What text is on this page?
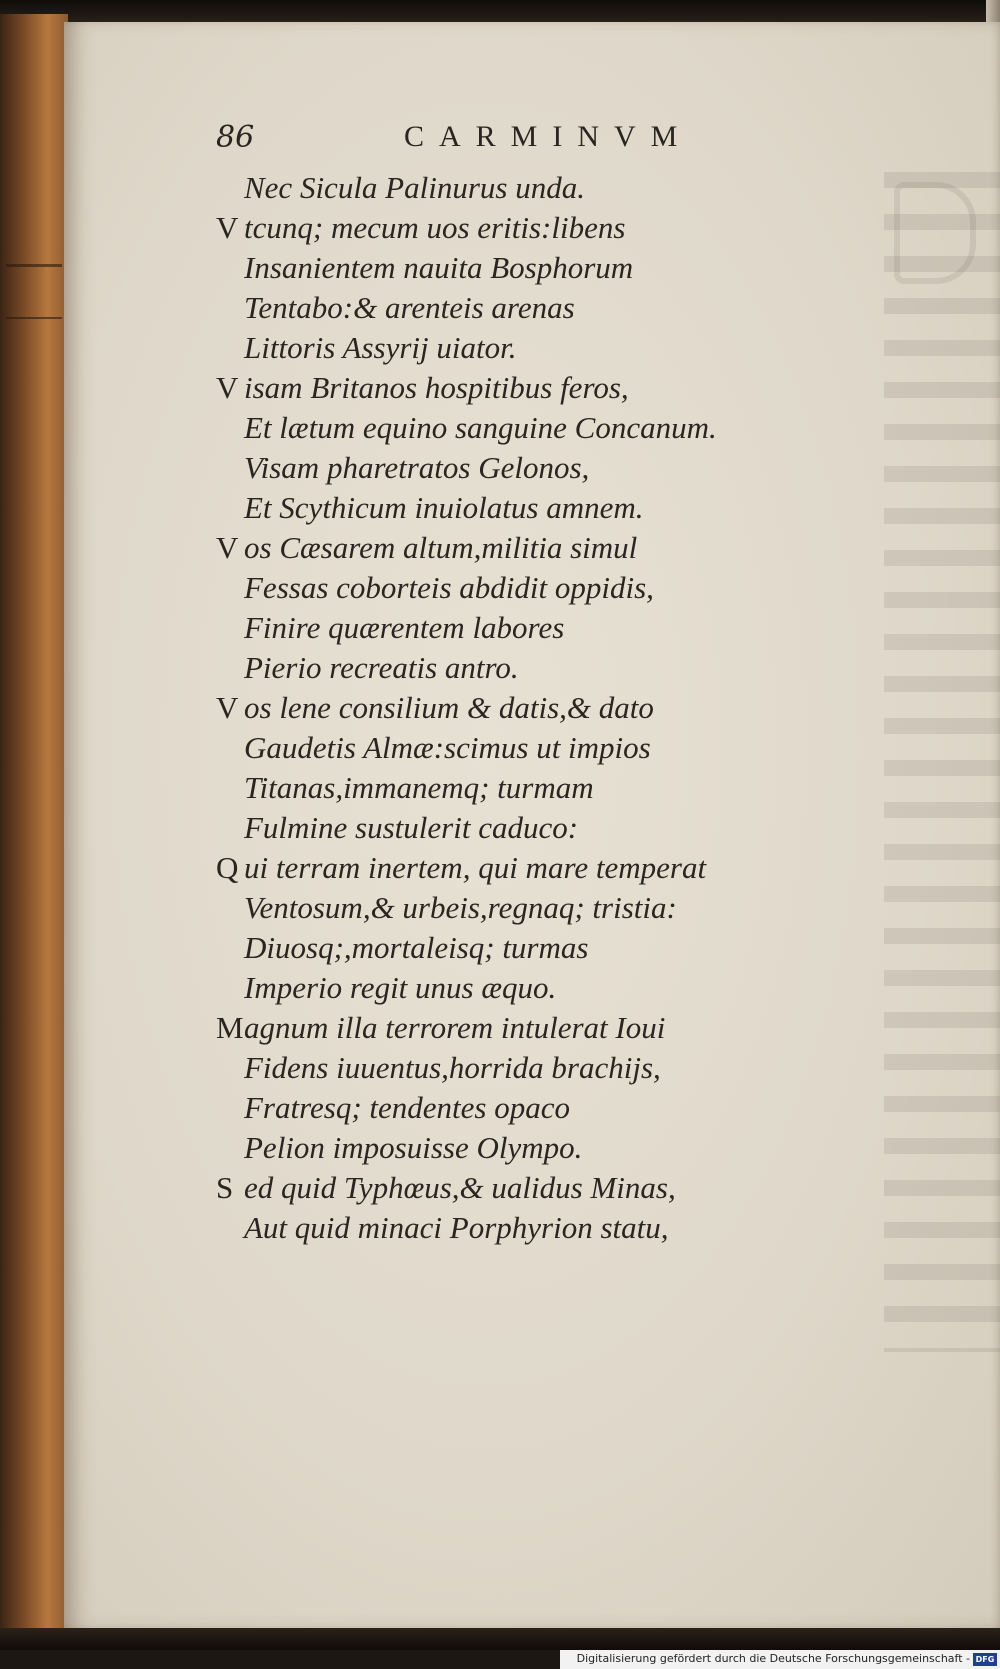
86	CARMINVM
Nec Sicula Palinurus unda.
V tcunq; mecum uos eritis:libens
Insanientem nauita Bosphorum
Tentabo:& arenteis arenas
Littoris Assyrij uiator.
V isam Britanos hospitibus feros,
Et lætum equino sanguine Concanum.
Visam pharetratos Gelonos,
Et Scythicum inuiolatus amnem.
V os Cæsarem altum,militia simul
Fessas coborteis abdidit oppidis,
Finire quærentem labores
Pierio recreatis antro.
V os lene consilium & datis,& dato
Gaudetis Almæ:scimus ut impios
Titanas,immanemq; turmam
Fulmine sustulerit caduco:
Q ui terram inertem, qui mare temperat
Ventosum,& urbeis,regnaq; tristia:
Diuosq;,mortaleisq; turmas
Imperio regit unus æquo.
M agnum illa terrorem intulerat Ioui
Fidens iuuentus,horrida brachijs,
Fratresq; tendentes opaco
Pelion imposuisse Olympo.
S ed quid Typhœus,& ualidus Minas,
Aut quid minaci Porphyrion statu,
Digitalisierung gefördert durch die Deutsche Forschungsgemeinschaft - DFG
